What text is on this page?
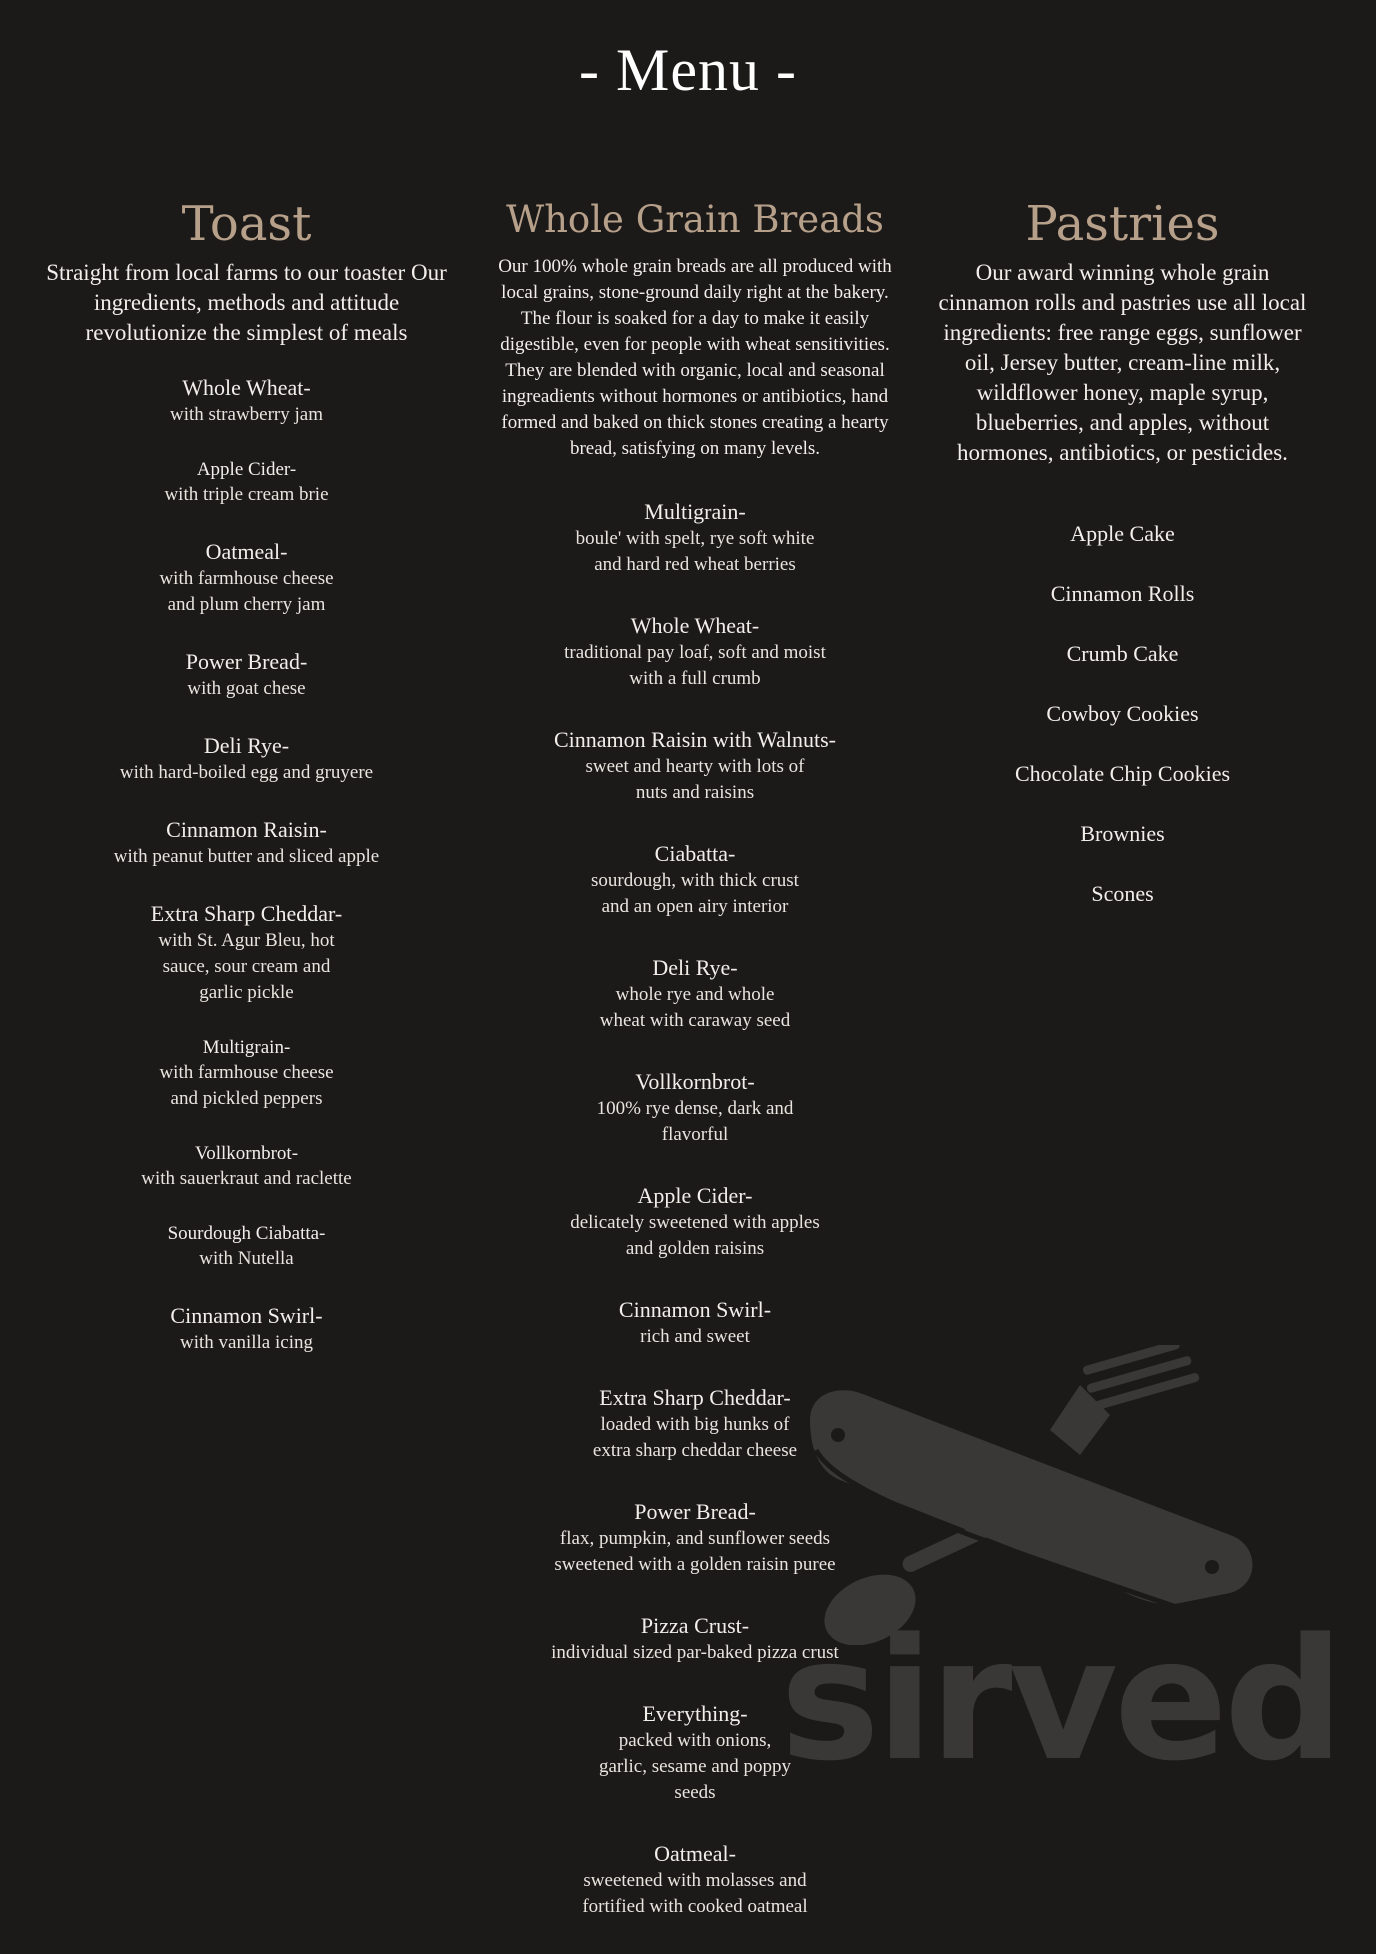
- Menu -
Toast
Straight from local farms to our toaster Our ingredients, methods and attitude revolutionize the simplest of meals
Whole Wheat-
with strawberry jam
Apple Cider-
with triple cream brie
Oatmeal-
with farmhouse cheese and plum cherry jam
Power Bread-
with goat chese
Deli Rye-
with hard-boiled egg and gruyere
Cinnamon Raisin-
with peanut butter and sliced apple
Extra Sharp Cheddar-
with St. Agur Bleu, hot sauce, sour cream and garlic pickle
Multigrain-
with farmhouse cheese and pickled peppers
Vollkornbrot-
with sauerkraut and raclette
Sourdough Ciabatta-
with Nutella
Cinnamon Swirl-
with vanilla icing
Whole Grain Breads
Our 100% whole grain breads are all produced with local grains, stone-ground daily right at the bakery. The flour is soaked for a day to make it easily digestible, even for people with wheat sensitivities. They are blended with organic, local and seasonal ingreadients without hormones or antibiotics, hand formed and baked on thick stones creating a hearty bread, satisfying on many levels.
Multigrain-
boule' with spelt, rye soft white and hard red wheat berries
Whole Wheat-
traditional pay loaf, soft and moist with a full crumb
Cinnamon Raisin with Walnuts-
sweet and hearty with lots of nuts and raisins
Ciabatta-
sourdough, with thick crust and an open airy interior
Deli Rye-
whole rye and whole wheat with caraway seed
Vollkornbrot-
100% rye dense, dark and flavorful
Apple Cider-
delicately sweetened with apples and golden raisins
Cinnamon Swirl-
rich and sweet
Extra Sharp Cheddar-
loaded with big hunks of extra sharp cheddar cheese
Power Bread-
flax, pumpkin, and sunflower seeds sweetened with a golden raisin puree
Pizza Crust-
individual sized par-baked pizza crust
Everything-
packed with onions, garlic, sesame and poppy seeds
Oatmeal-
sweetened with molasses and fortified with cooked oatmeal
Pastries
Our award winning whole grain cinnamon rolls and pastries use all local ingredients: free range eggs, sunflower oil, Jersey butter, cream-line milk, wildflower honey, maple syrup, blueberries, and apples, without hormones, antibiotics, or pesticides.
Apple Cake
Cinnamon Rolls
Crumb Cake
Cowboy Cookies
Chocolate Chip Cookies
Brownies
Scones
sirved
